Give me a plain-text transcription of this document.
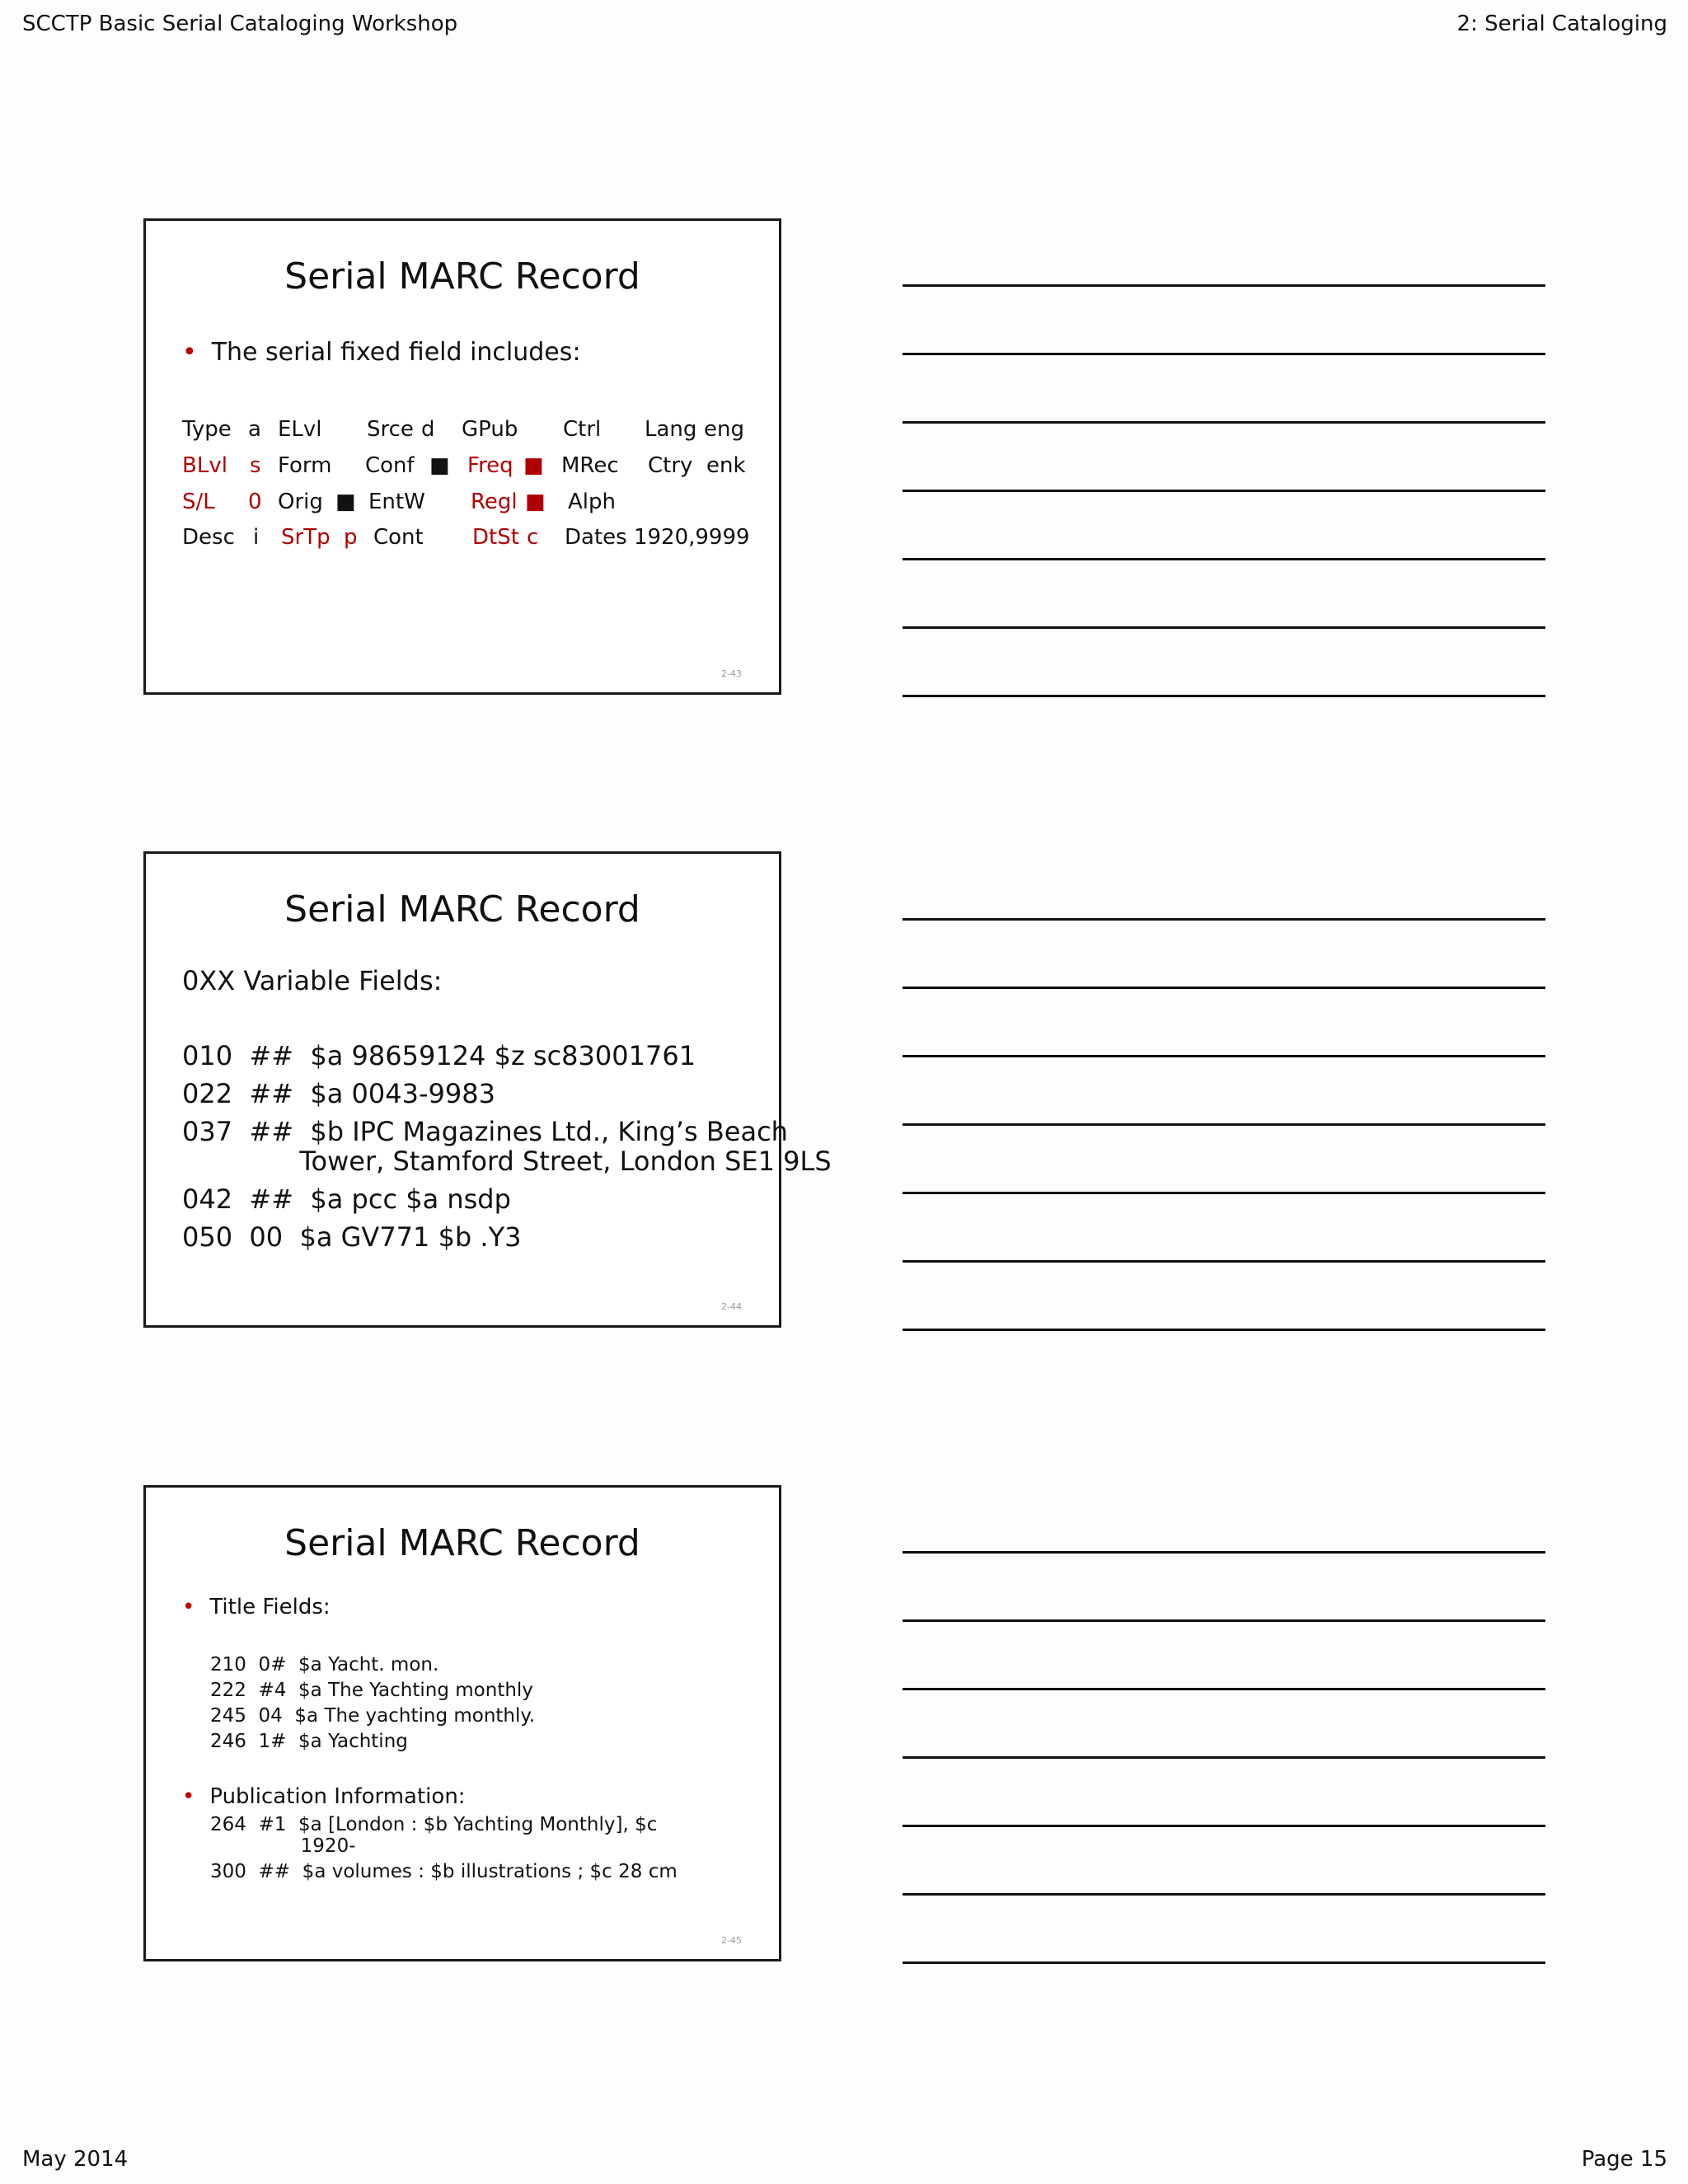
SCCTP Basic Serial Cataloging Workshop	2: Serial Cataloging
Serial MARC Record
• The serial fixed field includes:
Type a ELvl Srce d GPub Ctrl Lang eng
BLvl s Form Conf ■ Freq ■ MRec Ctry enk
S/L 0 Orig ■ EntW Regl ■ Alph
Desc i SrTp p Cont DtSt c Dates 1920,9999
2-43
Serial MARC Record
0XX Variable Fields:
010  ##  $a 98659124 $z sc83001761
022  ##  $a 0043-9983
037  ##  $b IPC Magazines Ltd., King’s Beach
Tower, Stamford Street, London SE1 9LS
042  ##  $a pcc $a nsdp
050  00  $a GV771 $b .Y3
2-44
Serial MARC Record
• Title Fields:
210  0#  $a Yacht. mon.
222  #4  $a The Yachting monthly
245  04  $a The yachting monthly.
246  1#  $a Yachting
• Publication Information:
264  #1  $a [London : $b Yachting Monthly], $c
1920-
300  ##  $a volumes : $b illustrations ; $c 28 cm
2-45
May 2014	Page 15
